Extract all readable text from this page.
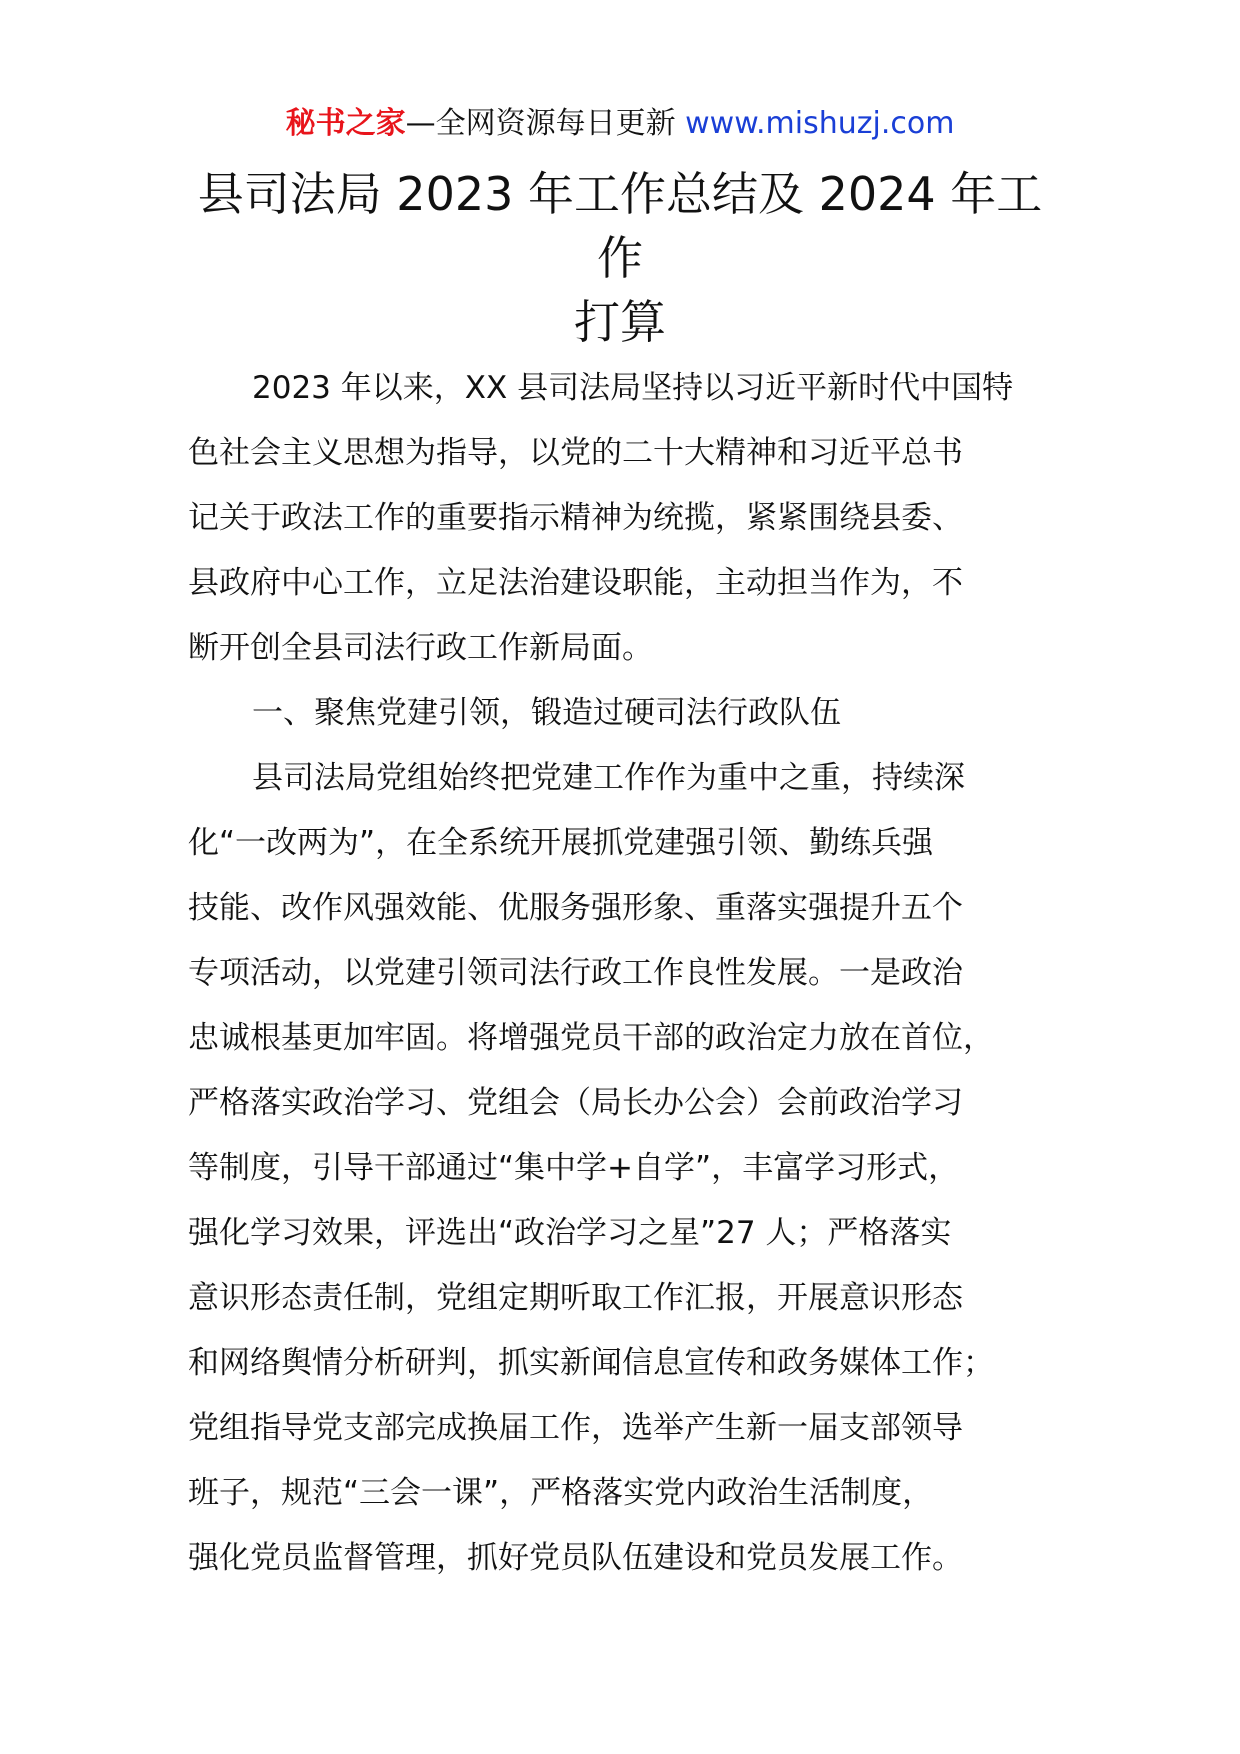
秘书之家—全网资源每日更新 www.mishuzj.com
县司法局 2023 年工作总结及 2024 年工
作
打算
2023 年以来，XX 县司法局坚持以习近平新时代中国特
色社会主义思想为指导，以党的二十大精神和习近平总书
记关于政法工作的重要指示精神为统揽，紧紧围绕县委、
县政府中心工作，立足法治建设职能，主动担当作为，不
断开创全县司法行政工作新局面。
一、聚焦党建引领，锻造过硬司法行政队伍
县司法局党组始终把党建工作作为重中之重，持续深
化“一改两为”，在全系统开展抓党建强引领、勤练兵强
技能、改作风强效能、优服务强形象、重落实强提升五个
专项活动，以党建引领司法行政工作良性发展。一是政治
忠诚根基更加牢固。将增强党员干部的政治定力放在首位，
严格落实政治学习、党组会（局长办公会）会前政治学习
等制度，引导干部通过“集中学+自学”，丰富学习形式，
强化学习效果，评选出“政治学习之星”27 人；严格落实
意识形态责任制，党组定期听取工作汇报，开展意识形态
和网络舆情分析研判，抓实新闻信息宣传和政务媒体工作；
党组指导党支部完成换届工作，选举产生新一届支部领导
班子，规范“三会一课”，严格落实党内政治生活制度，
强化党员监督管理，抓好党员队伍建设和党员发展工作。
